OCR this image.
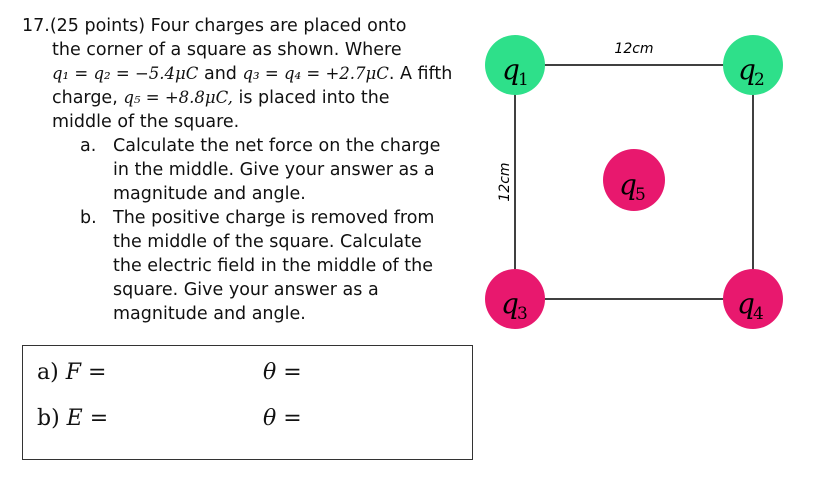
17.(25 points) Four charges are placed onto
the corner of a square as shown. Where
q₁ = q₂ = −5.4μC and q₃ = q₄ = +2.7μC. A fifth
charge, q₅ = +8.8μC, is placed into the
middle of the square.
a. Calculate the net force on the charge
in the middle. Give your answer as a
magnitude and angle.
b. The positive charge is removed from
the middle of the square. Calculate
the electric field in the middle of the
square. Give your answer as a
magnitude and angle.
a) F =	θ =
b) E =	θ =
12cm
12cm
q
1	q
2
q
3	q
4
q
5
